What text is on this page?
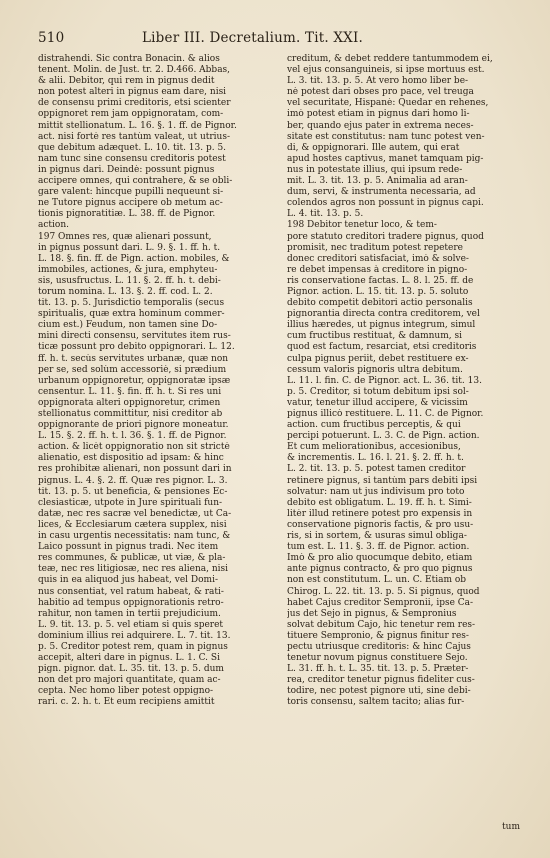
510	Liber III. Decretalium. Tit. XXI.
distrahendi. Sic contra Bonacin. & alios
tenent. Molin. de Just. tr. 2. D.466. Abbas,
& alii. Debitor, qui rem in pignus dedit
non potest alteri in pignus eam dare, nisi
de consensu primi creditoris, etsi scienter
oppignoret rem jam oppignoratam, com-
mittit stellionatum. L. 16. §. 1. ff. de Pignor.
act. nisi fortè res tantùm valeat, ut utrius-
que debitum adæquet. L. 10. tit. 13. p. 5.
nam tunc sine consensu creditoris potest
in pignus dari. Deindè: possunt pignus
accipere omnes, qui contrahere, & se obli-
gare valent: hincque pupilli nequeunt si-
ne Tutore pignus accipere ob metum ac-
tionis pignoratitiæ. L. 38. ff. de Pignor.
action.
197 Omnes res, quæ alienari possunt,
in pignus possunt dari. L. 9. §. 1. ff. h. t.
L. 18. §. fin. ff. de Pign. action. mobiles, &
immobiles, actiones, & jura, emphyteu-
sis, ususfructus. L. 11. §. 2. ff. h. t. debi-
torum nomina. L. 13. §. 2. ff. cod. L. 2.
tit. 13. p. 5. Jurisdictio temporalis (secus
spiritualis, quæ extra hominum commer-
cium est.) Feudum, non tamen sine Do-
mini directi consensu, servitutes item rus-
ticæ possunt pro debito oppignorari. L. 12.
ff. h. t. secùs servitutes urbanæ, quæ non
per se, sed solùm accessoriè, si prædium
urbanum oppignoretur, oppignoratæ ipsæ
censentur. L. 11. §. fin. ff. h. t. Si res uni
oppignorata alteri oppignoretur, crimen
stellionatus committitur, nisi creditor ab
oppignorante de priori pignore moneatur.
L. 15. §. 2. ff. h. t. l. 36. §. 1. ff. de Pignor.
action. & licèt oppignoratio non sit strictè
alienatio, est dispositio ad ipsam: & hinc
res prohibitæ alienari, non possunt dari in
pignus. L. 4. §. 2. ff. Quæ res pignor. L. 3.
tit. 13. p. 5. ut beneficia, & pensiones Ec-
clesiasticæ, utpote in Jure spirituali fun-
datæ, nec res sacræ vel benedictæ, ut Ca-
lices, & Ecclesiarum cætera supplex, nisi
in casu urgentis necessitatis: nam tunc, &
Laico possunt in pignus tradi. Nec item
res communes, & publicæ, ut viæ, & pla-
teæ, nec res litigiosæ, nec res aliena, nisi
quis in ea aliquod jus habeat, vel Domi-
nus consentiat, vel ratum habeat, & rati-
habitio ad tempus oppignorationis retro-
rahitur, non tamen in tertii prejudicium.
L. 9. tit. 13. p. 5. vel etiam si quis speret
dominium illius rei adquirere. L. 7. tit. 13.
p. 5. Creditor potest rem, quam in pignus
accepit, alteri dare in pignus. L. 1. C. Si
pign. pignor. dat. L. 35. tit. 13. p. 5. dum
non det pro majori quantitate, quam ac-
cepta. Nec homo liber potest oppigno-
rari. c. 2. h. t. Et eum recipiens amittit
creditum, & debet reddere tantummodem ei,
vel ejus consanguineis, si ipse mortuus est.
L. 3. tit. 13. p. 5. At vero homo liber be-
nè potest dari obses pro pace, vel treuga
vel securitate, Hispanè: Quedar en rehenes,
imò potest etiam in pignus dari homo li-
ber, quando ejus pater in extrema neces-
sitate est constitutus: nam tunc potest ven-
di, & oppignorari. Ille autem, qui erat
apud hostes captivus, manet tamquam pig-
nus in potestate illius, qui ipsum rede-
mit. L. 3. tit. 13. p. 5. Animalia ad aran-
dum, servi, & instrumenta necessaria, ad
colendos agros non possunt in pignus capi.
L. 4. tit. 13. p. 5.
198 Debitor tenetur loco, & tem-
pore statuto creditori tradere pignus, quod
promisit, nec traditum potest repetere
donec creditori satisfaciat, imò & solve-
re debet impensas à creditore in pigno-
ris conservatione factas. L. 8. l. 25. ff. de
Pignor. action. L. 15. tit. 13. p. 5. soluto
debito competit debitori actio personalis
pignorantia directa contra creditorem, vel
illius hæredes, ut pignus integrum, simul
cum fructibus restituat, & damnum, si
quod est factum, resarciat, etsi creditoris
culpa pignus periit, debet restituere ex-
cessum valoris pignoris ultra debitum.
L. 11. l. fin. C. de Pignor. act. L. 36. tit. 13.
p. 5. Creditor, si totum debitum ipsi sol-
vatur, tenetur illud accipere, & vicissim
pignus illicò restituere. L. 11. C. de Pignor.
action. cum fructibus perceptis, & qui
percipi potuerunt. L. 3. C. de Pign. action.
Et cum meliorationibus, accesionibus,
& incrementis. L. 16. l. 21. §. 2. ff. h. t.
L. 2. tit. 13. p. 5. potest tamen creditor
retinere pignus, si tantùm pars debiti ipsi
solvatur: nam ut jus indivisum pro toto
debito est obligatum. L. 19. ff. h. t. Simi-
litèr illud retinere potest pro expensis in
conservatione pignoris factis, & pro usu-
ris, si in sortem, & usuras simul obliga-
tum est. L. 11. §. 3. ff. de Pignor. action.
Imò & pro alio quocumque debito, etiam
ante pignus contracto, & pro quo pignus
non est constitutum. L. un. C. Etiam ob
Chirog. L. 22. tit. 13. p. 5. Si pignus, quod
habet Cajus creditor Sempronii, ipse Ca-
jus det Sejo in pignus, & Sempronius
solvat debitum Cajo, hic tenetur rem res-
tituere Sempronio, & pignus finitur res-
pectu utriusque creditoris: & hinc Cajus
tenetur novum pignus constituere Sejo.
L. 31. ff. h. t. L. 35. tit. 13. p. 5. Præter-
rea, creditor tenetur pignus fideliter cus-
todire, nec potest pignore uti, sine debi-
toris consensu, saltem tacito; alias fur-
tum
